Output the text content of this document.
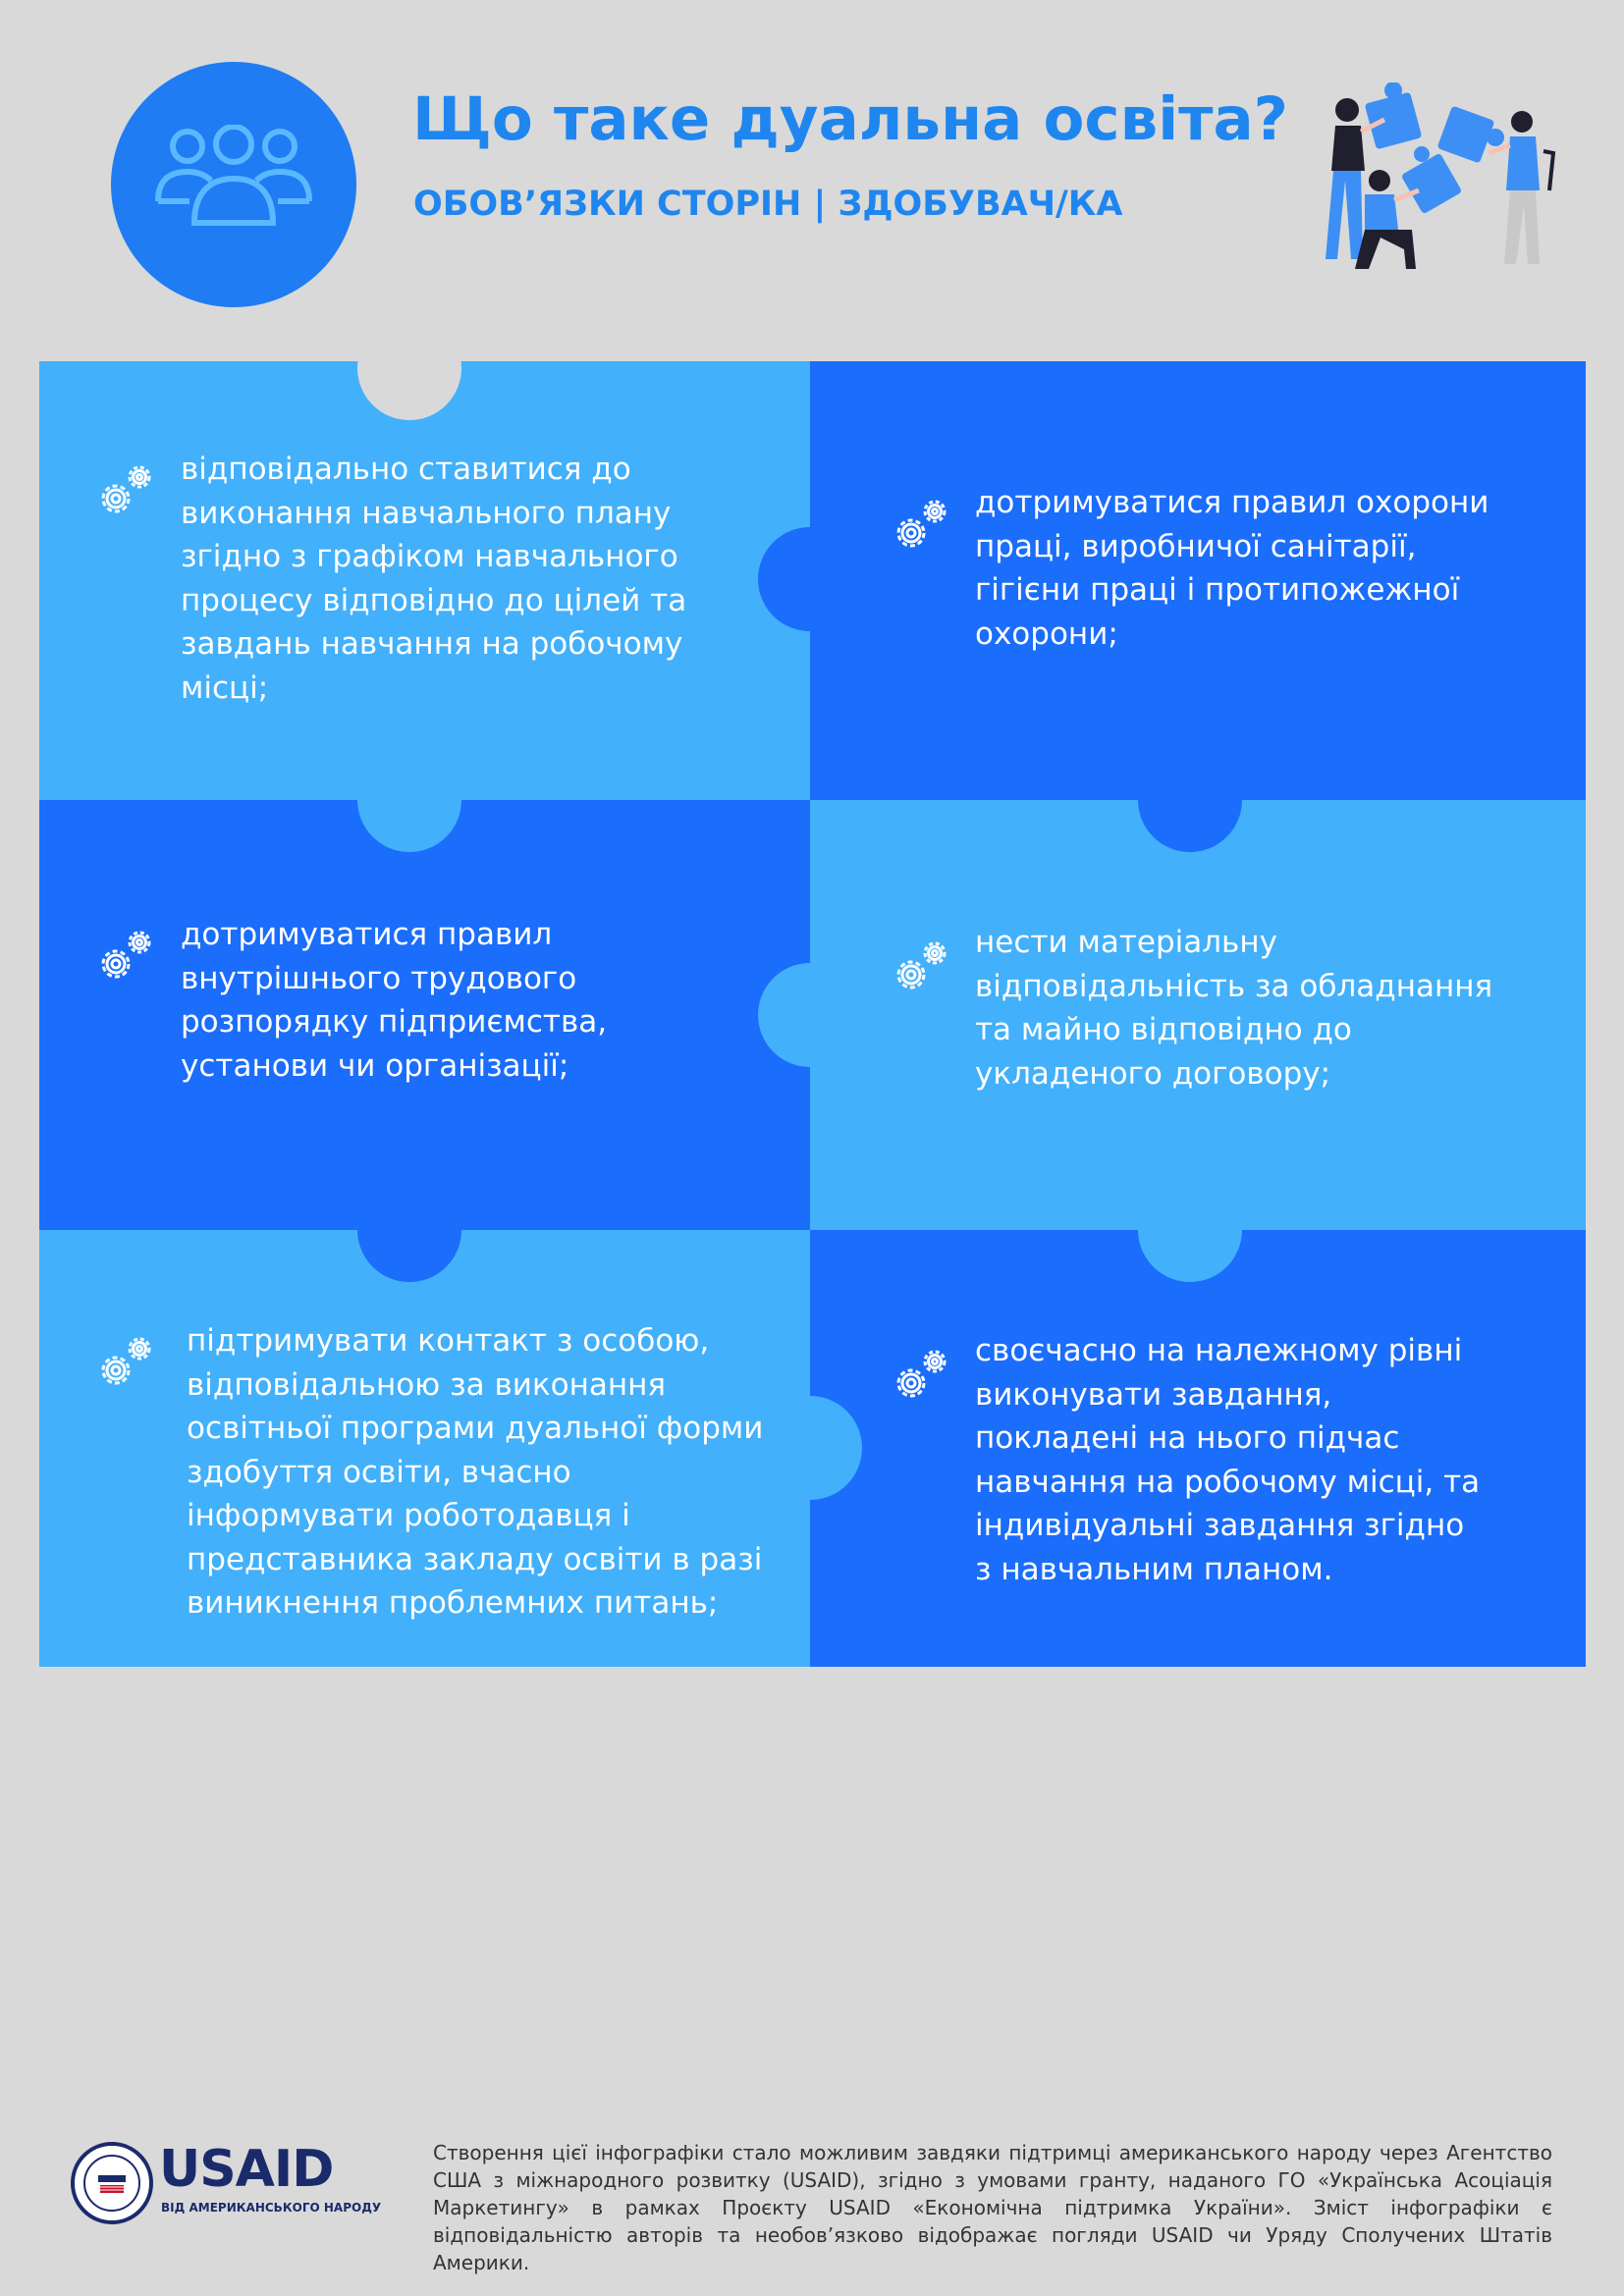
Що таке дуальна освіта?
ОБОВ’ЯЗКИ СТОРІН | ЗДОБУВАЧ/КА
відповідально ставитися до виконання навчального плану згідно з графіком навчального процесу відповідно до цілей та завдань навчання на робочому місці;
дотримуватися правил охорони праці, виробничої санітарії, гігієни праці і протипожежної охорони;
дотримуватися правил внутрішнього трудового розпорядку підприємства, установи чи організації;
нести матеріальну відповідальність за обладнання та майно відповідно до укладеного договору;
підтримувати контакт з особою, відповідальною за виконання освітньої програми дуальної форми здобуття освіти, вчасно інформувати роботодавця і представника закладу освіти в разі виникнення проблемних питань;
своєчасно на належному рівні виконувати завдання, покладені на нього підчас навчання на робочому місці, та індивідуальні завдання згідно з навчальним планом.
USAID
ВІД АМЕРИКАНСЬКОГО НАРОДУ

Створення цієї інфографіки стало можливим завдяки підтримці американського народу через Агентство США з міжнародного розвитку (USAID), згідно з умовами гранту, наданого ГО «Українська Асоціація Маркетингу» в рамках Проєкту USAID «Економічна підтримка України». Зміст інфографіки є відповідальністю авторів та необов’язково відображає погляди USAID чи Уряду Сполучених Штатів Америки.
